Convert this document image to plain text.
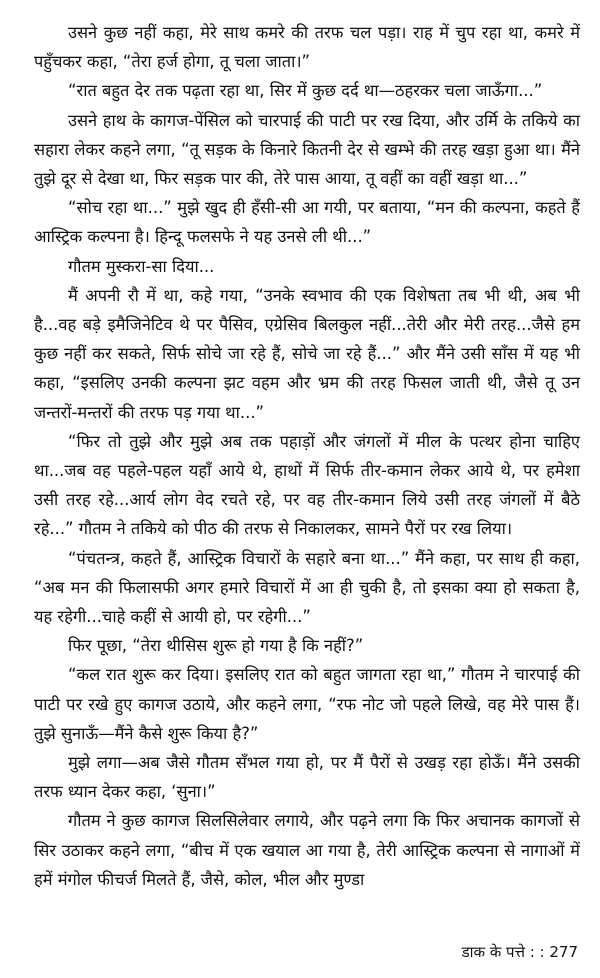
उसने कुछ नहीं कहा, मेरे साथ कमरे की तरफ चल पड़ा। राह में चुप रहा था, कमरे में पहुँचकर कहा, “तेरा हर्ज होगा, तू चला जाता।”

“रात बहुत देर तक पढ़ता रहा था, सिर में कुछ दर्द था—ठहरकर चला जाऊँगा...”

उसने हाथ के कागज-पेंसिल को चारपाई की पाटी पर रख दिया, और उर्मि के तकिये का सहारा लेकर कहने लगा, “तू सड़क के किनारे कितनी देर से खम्भे की तरह खड़ा हुआ था। मैंने तुझे दूर से देखा था, फिर सड़क पार की, तेरे पास आया, तू वहीं का वहीं खड़ा था...”

“सोच रहा था...” मुझे खुद ही हँसी-सी आ गयी, पर बताया, “मन की कल्पना, कहते हैं आस्ट्रिक कल्पना है। हिन्दू फलसफे ने यह उनसे ली थी...”

गौतम मुस्करा-सा दिया...

मैं अपनी रौ में था, कहे गया, “उनके स्वभाव की एक विशेषता तब भी थी, अब भी है...वह बड़े इमैजिनेटिव थे पर पैसिव, एग्रेसिव बिलकुल नहीं...तेरी और मेरी तरह...जैसे हम कुछ नहीं कर सकते, सिर्फ सोचे जा रहे हैं, सोचे जा रहे हैं...” और मैंने उसी साँस में यह भी कहा, “इसलिए उनकी कल्पना झट वहम और भ्रम की तरह फिसल जाती थी, जैसे तू उन जन्तरों-मन्तरों की तरफ पड़ गया था...”

“फिर तो तुझे और मुझे अब तक पहाड़ों और जंगलों में मील के पत्थर होना चाहिए था...जब वह पहले-पहल यहाँ आये थे, हाथों में सिर्फ तीर-कमान लेकर आये थे, पर हमेशा उसी तरह रहे...आर्य लोग वेद रचते रहे, पर वह तीर-कमान लिये उसी तरह जंगलों में बैठे रहे...” गौतम ने तकिये को पीठ की तरफ से निकालकर, सामने पैरों पर रख लिया।

“पंचतन्त्र, कहते हैं, आस्ट्रिक विचारों के सहारे बना था...” मैंने कहा, पर साथ ही कहा, “अब मन की फिलासफी अगर हमारे विचारों में आ ही चुकी है, तो इसका क्या हो सकता है, यह रहेगी...चाहे कहीं से आयी हो, पर रहेगी...”

फिर पूछा, “तेरा थीसिस शुरू हो गया है कि नहीं?”

“कल रात शुरू कर दिया। इसलिए रात को बहुत जागता रहा था,” गौतम ने चारपाई की पाटी पर रखे हुए कागज उठाये, और कहने लगा, “रफ नोट जो पहले लिखे, वह मेरे पास हैं। तुझे सुनाऊँ—मैंने कैसे शुरू किया है?”

मुझे लगा—अब जैसे गौतम सँभल गया हो, पर मैं पैरों से उखड़ रहा होऊँ। मैंने उसकी तरफ ध्यान देकर कहा, ‘सुना।”

गौतम ने कुछ कागज सिलसिलेवार लगाये, और पढ़ने लगा कि फिर अचानक कागजों से सिर उठाकर कहने लगा, “बीच में एक खयाल आ गया है, तेरी आस्ट्रिक कल्पना से नागाओं में हमें मंगोल फीचर्ज मिलते हैं, जैसे, कोल, भील और मुण्डा

डाक के पत्ते : : 277
